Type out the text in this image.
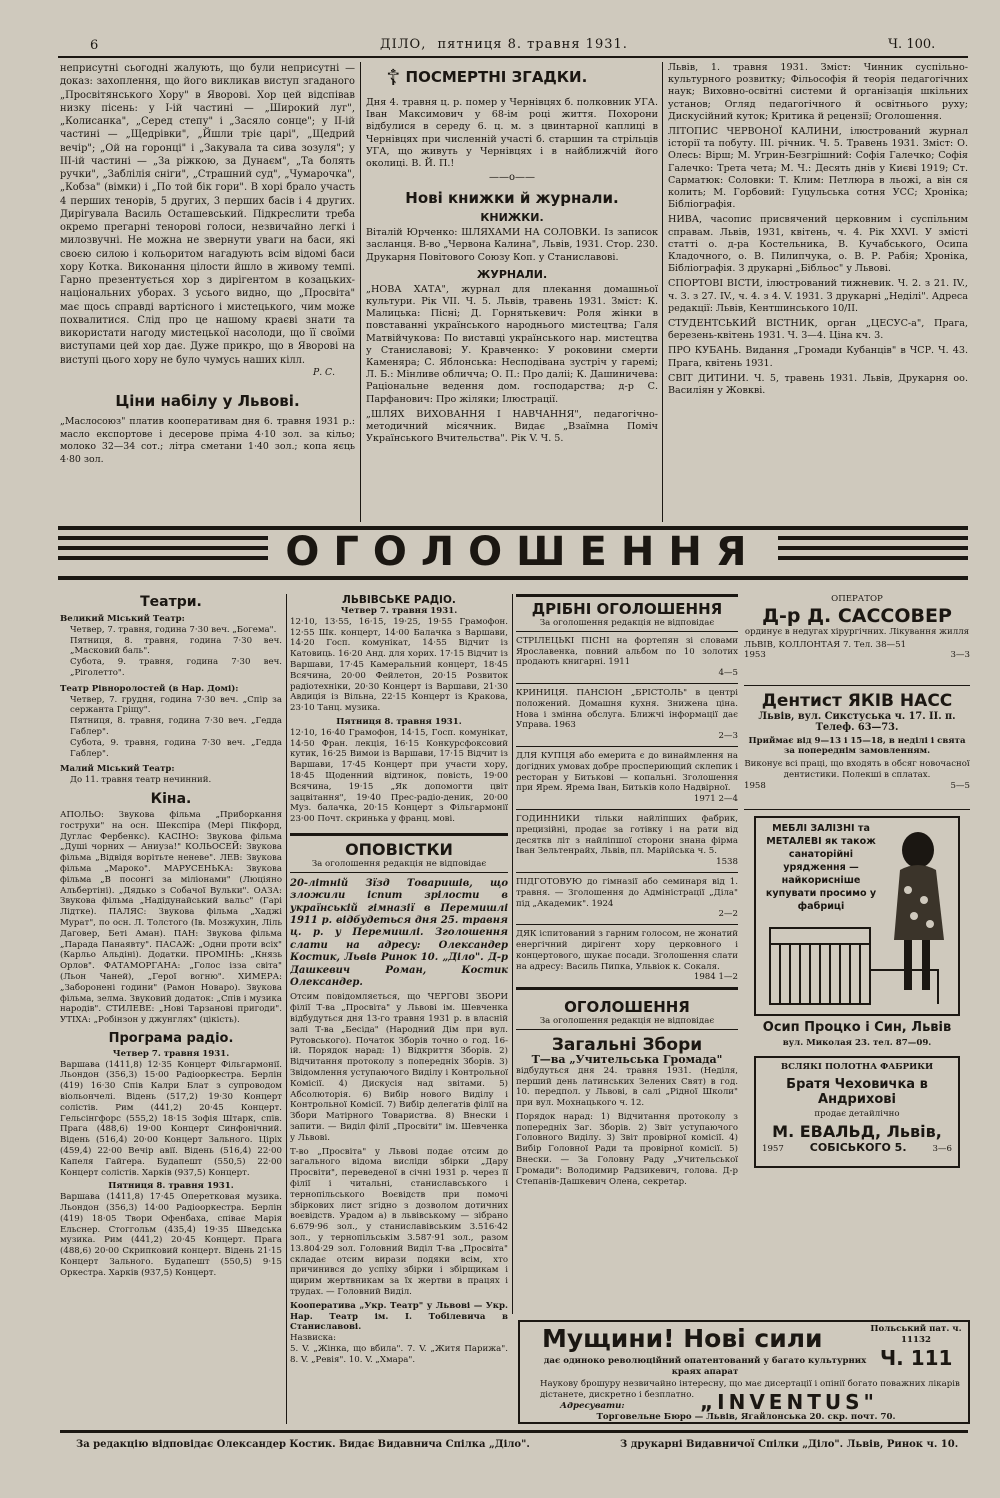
6	ДІЛО, пятниця 8. травня 1931.	Ч. 100.

неприсутні сьогодні жалують, що були неприсутні — доказ: захоплення, що його викликав виступ згаданого „Просвітянського Хору" в Яворові. Хор цей відспівав низку пісень: у І-ій частині — „Широкий луг", „Колисанка", „Серед степу" і „Засяло сонце"; у ІІ-ій частині — „Щедрівки", „Йшли тріє царі", „Щедрий вечір"; „Ой на горонці" і „Закувала та сива зозуля"; у ІІІ-ій частині — „За ріжкою, за Дунаєм", „Та болять ручки", „Заблілія сніги", „Страшний суд", „Чумарочка", „Кобза" (вімки) і „По той бік гори". В хорі брало участь 4 перших тенорів, 5 других, 3 перших басів і 4 других. Дирігувала Василь Осташевський. Підкреслити треба окремо прегарні тенорові голоси, незвичайно легкі і милозвучні. Не можна не звернути уваги на баси, які своєю силою і кольоритом нагадують всім відомі баси хору Котка. Виконання цілости йшло в живому темпі. Гарно презентується хор з дирігентом в козацьких-національних уборах. З усього видно, що „Просвіта" має щось справді вартісного і мистецького, чим може похвалитися. Слід про це нашому краєві знати та використати нагоду мистецької насолоди, що її своїми виступами цей хор дає. Дуже прикро, що в Яворові на виступі цього хору не було чумусь наших кілл.

Р. С.

Ціни набілу у Львові.

„Маслосоюз" платив кооперативам дня 6. травня 1931 р.: масло експортове і десерове пріма 4·10 зол. за кільо; молоко 32—34 сот.; літра сметани 1·40 зол.; копа яєць 4·80 зол.

☦ ПОСМЕРТНІ ЗГАДКИ.

Дня 4. травня ц. р. помер у Чернівцях б. полковник УГА. Іван Максимович у 68-ім році життя. Похорони відбулися в середу 6. ц. м. з цвинтарної каплиці в Чернівцях при численній участі б. старшин та стрільців УГА, що живуть у Чернівцях і в найближчій його околиці. В. Й. П.!

——o——
Нові книжки й журнали.
КНИЖКИ.

Віталій Юрченко: ШЛЯХАМИ НА СОЛОВКИ. Із записок засланця. В-во „Червона Калина", Львів, 1931. Стор. 230. Друкарня Повітового Союзу Коп. у Станиславові.

ЖУРНАЛИ.

„НОВА ХАТА", журнал для плекання домашньої культури. Рік VII. Ч. 5. Львів, травень 1931. Зміст: К. Малицька: Пісні; Д. Горнятькевич: Роля жінки в повставанні українського народнього мистецтва; Галя Матвійчукова: По виставці українського нар. мистецтва у Станиславові; У. Кравченко: У роковини смерти Каменяра; С. Яблонська: Несподівана зустріч у гаремі; Л. Б.: Мінливе обличча; О. П.: Про даліі; К. Дашиничева: Раціональне ведення дом. господарства; д-р С. Парфанович: Про жіляки; Ілюстрації.

„ШЛЯХ ВИХОВАННЯ І НАВЧАННЯ", педагогічно-методичний місячник. Видає „Взаїмна Поміч Українського Вчительства". Рік V. Ч. 5.

Львів, 1. травня 1931. Зміст: Чинник суспільно-культурного розвитку; Фільософія й теорія педагогічних наук; Виховно-освітні системи й організація шкільних установ; Огляд педагогічного й освітнього руху; Дискусійний куток; Критика й рецензії; Оголошення.

ЛІТОПИС ЧЕРВОНОЇ КАЛИНИ, ілюстрований журнал історії та побуту. ІІІ. річник. Ч. 5. Травень 1931. Зміст: О. Олесь: Вірш; М. Угрин-Безгрішний: Софія Галечко; Софія Галечко: Трета чета; М. Ч.: Десять днів у Києві 1919; Ст. Сарматюк: Соловки: Т. Клим: Петлюра в льожі, а він ся колить; М. Горбовий: Гуцульська сотня УСС; Хроніка; Бібліографія.

НИВА, часопис присвячений церковним і суспільним справам. Львів, 1931, квітень, ч. 4. Рік XXVI. У змісті статті о. д-ра Костельника, В. Кучабського, Осипа Кладочного, о. В. Пилипчука, о. В. Р. Рабія; Хроніка, Бібліографія. З друкарні „Бібльос" у Львові.

СПОРТОВІ ВІСТИ, ілюстрований тижневик. Ч. 2. з 21. IV., ч. 3. з 27. IV., ч. 4. з 4. V. 1931. З друкарні „Неділі". Адреса редакції: Львів, Кентшинського 10/ІІ.

СТУДЕНТСЬКИЙ ВІСТНИК, орган „ЦЕСУС-а", Прага, березень-квітень 1931. Ч. 3—4. Ціна кч. 3.

ПРО КУБАНЬ. Видання „Громади Кубанців" в ЧСР. Ч. 43. Прага, квітень 1931.

СВІТ ДИТИНИ. Ч. 5, травень 1931. Львів, Друкарня оо. Василіян у Жовкві.

ОГОЛОШЕННЯ
Театри.
Великий Міський Театр:
Четвер, 7. травня, година 7·30 веч. „Богема".
Пятниця, 8. травня, година 7·30 веч. „Масковий баль".
Субота, 9. травня, година 7·30 веч. „Ріголетто".
Театр Рівноролостей (в Нар. Домі):
Четвер, 7. грудня, година 7·30 веч. „Спір за сержанта Гріщу".
Пятниця, 8. травня, година 7·30 веч. „Гедда Габлер".
Субота, 9. травня, година 7·30 веч. „Гедда Габлер".
Малий Міський Театр:
До 11. травня театр нечинний.
Кіна.

АПОЛЬО: Звукова фільма „Приборкання гострухи" на осн. Шекспіра (Мері Пікфорд, Дуглас Фербенкс). КАСІНО: Звукова фільма „Душі чорних — Аниуза!" КОЛЬОСЕЙ: Звукова фільма „Відвідя ворітьте неневе". ЛЕВ: Звукова фільма „Мароко". МАРУСЕНЬКА: Звукова фільма „В посонгі за міліонами" (Люціяно Альбертіні). „Дядько з Собачої Вульки". ОАЗА: Звукова фільма „Надідунайський вальс" (Гарі Лідтке). ПАЛЯС: Звукова фільма „Хаджі Мурат", по осн. Л. Толстого (Ів. Мозжухин, Ліль Даговер, Беті Аман). ПАН: Звукова фільма „Парада Панаявту". ПАСАЖ: „Одни проти всіх" (Карльо Альдіні). Додатки. ПРОМІНЬ: „Князь Орлов". ФАТАМОРГАНА: „Голос ізза світа" (Льон Чаней), „Герої вогню". ХИМЕРА: „Заборонені години" (Рамон Новаро). Звукова фільма, зелма. Звуковий додаток: „Спів і музика народів". СТИЛЕВЕ: „Нові Тарзанові пригоди". УТІХА: „Робінзон у джунглях" (цікість).

Програма радіо.
Четвер 7. травня 1931.

Варшава (1411,8) 12·35 Концерт Фільгармонії. Льондон (356,3) 15·00 Радіооркестра. Берлін (419) 16·30 Спів Калри Блат з супроводом віольончелі. Відень (517,2) 19·30 Концерт солістів. Рим (441,2) 20·45 Концерт. Гельсінгфорс (555,2) 18·15 Зофія Штарк, спів. Прага (488,6) 19·00 Концерт Синфонічний. Відень (516,4) 20·00 Концерт Зального. Ціріх (459,4) 22·00 Вечір авії. Відень (516,4) 22·00 Капеля Гайгера. Будапешт (550,5) 22·00 Концерт солістів. Харків (937,5) Концерт.

Пятниця 8. травня 1931.

Варшава (1411,8) 17·45 Оперетковая музика. Льондон (356,3) 14·00 Радіооркестра. Берлін (419) 18·05 Твори Офенбаха, співає Марія Ельснер. Стоггольм (435,4) 19·35 Шведська музика. Рим (441,2) 20·45 Концерт. Прага (488,6) 20·00 Скрипковий концерт. Відень 21·15 Концерт Зального. Будапешт (550,5) 9·15 Оркестра. Харків (937,5) Концерт.

ЛЬВІВСЬКЕ РАДІО.
Четвер 7. травня 1931.

12·10, 13·55, 16·15, 19·25, 19·55 Грамофон. 12·55 Шк. концерт, 14·00 Балачка з Варшави, 14·20 Госп. комунікат, 14·55 Відчит із Катовиць. 16·20 Анд. для хорих. 17·15 Відчит із Варшави, 17·45 Камеральний концерт, 18·45 Всячина, 20·00 Фейлетон, 20·15 Розвиток радіотехніки, 20·30 Концерт із Варшави, 21·30 Авдиція із Вільна, 22·15 Концерт із Кракова, 23·10 Танц. музика.

Пятниця 8. травня 1931.

12·10, 16·40 Грамофон, 14·15, Госп. комунікат, 14·50 Фран. лекція, 16·15 Конкурсфоксовий кутик, 16·25 Вимои із Варшави, 17·15 Відчит із Варшави, 17·45 Концерт при участи хору, 18·45 Щоденний відтинок, повість, 19·00 Всячина, 19·15 „Як допомогти цвіт зацвітання", 19·40 Прес-радіо-деник, 20·00 Муз. балачка, 20·15 Концерт з Фільгармонії 23·00 Почт. скринька у франц. мові.

ОПОВІСТКИ
За оголошення редакція не відповідає

20-літній Зїзд Товаришів, що зложили іспит зрілости в українській гімназії в Перемишлі 1911 р. відбудеться дня 25. травня ц. р. у Перемишлі. Зголошення слати на адресу: Олександер Костик, Львів Ринок 10. „Діло". Д-р Дашкевич Роман, Костик Олександер.

Отсим повідомляється, що ЧЕРГОВІ ЗБОРИ філії Т-ва „Просвіта" у Львові ім. Шевченка відбудуться дня 13-го травня 1931 р. в власній залі Т-ва „Бесіда" (Народний Дім при вул. Рутовського). Початок Зборів точно о год. 16-ій. Порядок нарад: 1) Відкриття Зборів. 2) Відчитання протоколу з попередніх Зборів. 3) Звідомлення уступаючого Виділу і Контрольної Комісії. 4) Дискусія над звітами. 5) Абсолюторія. 6) Вибір нового Виділу і Контрольної Комісії. 7) Вибір делегатів філії на Збори Матірного Товариства. 8) Внески і запити. — Виділ філії „Просвіти" ім. Шевченка у Львові.

Т-во „Просвіта" у Львові подає отсим до загального відома висліди збірки „Дару Просвіти", переведеної в січні 1931 р. через її філії і читальні, станиславського і тернопільського Воєвідств при помочі збіркових лист згідно з дозволом дотичних воєвідств. Урадом а) в львівському — зібрано 6.679·96 зол., у станиславівським 3.516·42 зол., у тернопільськім 3.587·91 зол., разом 13.804·29 зол. Головний Виділ Т-ва „Просвіта" складає отсим вирази подяки всім, хто причинився до успіху збірки і збірщикам і щирим жертвникам за їх жертви в працях і трудах. — Головний Виділ.

Кооператива „Укр. Театр" у Львові — Укр. Нар. Театр ім. І. Тобілевича в Станиславові.

Назвиска:

5. V. „Жінка, що вбила". 7. V. „Житя Парижа". 8. V. „Ревія". 10. V. „Хмара".

ДРІБНІ ОГОЛОШЕННЯ
За оголошення редакція не відповідає

СТРІЛЕЦЬКІ ПІСНІ на фортепян зі словами Ярославенка, повний альбом по 10 золотих продають книгарні. 1911

4—5

КРИНИЦЯ. ПАНСІОН „БРІСТОЛЬ" в центрі положений. Домашня кухня. Знижена ціна. Нова і змінна обслуга. Ближчі інформації дає Управа. 1963

2—3

ДЛЯ КУПЦЯ або емерита є до винаймлення на догідних умовах добре проспериющий склепик і ресторан у Битькові — копальні. Зголошення при Ярем. Ярема Іван, Битьків коло Надвірної.

1971 2—4

ГОДИННИКИ тільки найліпших фабрик, прецизійні, продає за готівку і на рати від десяткв літ з найліпшої сторони знана фірма Іван Зельтенрайх, Львів, пл. Марійська ч. 5.

1538

ПІДГОТОВУЮ до гімназії або семинаря від 1. травня. — Зголошення до Адміністрації „Діла" під „Академик". 1924

2—2

ДЯК іспитований з гарним голосом, не жонатий енергічний дирігент хору церковного і концертового, шукає посади. Зголошення слати на адресу: Василь Пипка, Ульвіок к. Сокаля.

1984 1—2
ОГОЛОШЕННЯ
За оголошення редакція не відповідає
Загальні Збори
Т—ва „Учительська Громада"

відбудуться дня 24. травня 1931. (Неділя, перший день латинських Зелених Свят) в год. 10. передпол. у Львові, в салі „Рідної Школи" при вул. Мохнацького ч. 12.

Порядок нарад: 1) Відчитання протоколу з попередніх Заг. Зборів. 2) Звіт уступаючого Головного Виділу. 3) Звіт провірної комісії. 4) Вибір Головної Ради та провірної комісії. 5) Внески. — За Головну Раду „Учительської Громади": Володимир Радзикевич, голова. Д-р Степанів-Дашкевич Олена, секретар.

ОПЕРАТОР
Д-р Д. САССОВЕР
ординує в недугах хірургічних. Лікування жилля
ЛЬВІВ, КОЛЛОНТАЯ 7. Тел. 38—51
1953	3—3
Дентист ЯКІВ НАСС
Львів, вул. Сикстуська ч. 17. II. п. Телеф. 63—73.
Приймає від 9—13 і 15—18, в неділі і свята за попереднім замовленням.
Виконує всі праці, що входять в обсяг новочасної дентистики. Полекші в сплатах.
1958	5—5
МЕБЛІ ЗАЛІЗНІ та МЕТАЛЕВІ як також санаторійні урядження — найкорисніше купувати просимо у фабриці
Осип Процко і Син, Львів
вул. Миколая 23. тел. 87—09.
ВСЛЯКІ ПОЛОТНА ФАБРИКИ
Братя Чеховичка в Андрихові
продає детайлічно
М. ЕВАЛЬД, Львів,
1957 СОБІСЬКОГО 5.	3—6
Мущини! Нові сили	Польський пат. ч. 11132
Ч. 111
дає одиноко революційний опатентований у багато культурних краях апарат
Наукову брошуру незвичайно інтересну, що має дисертації і опінії богато поважних лікарів дістанете, дискретно і безплатно.
Адресувати:	„INVENTUS"
Торговельне Бюро — Львів, Ягайлонська 20. скр. почт. 70.
За редакцію відповідає Олександер Костик. Видає Видавнича Спілка „Діло".	З друкарні Видавничої Спілки „Діло". Львів, Ринок ч. 10.
